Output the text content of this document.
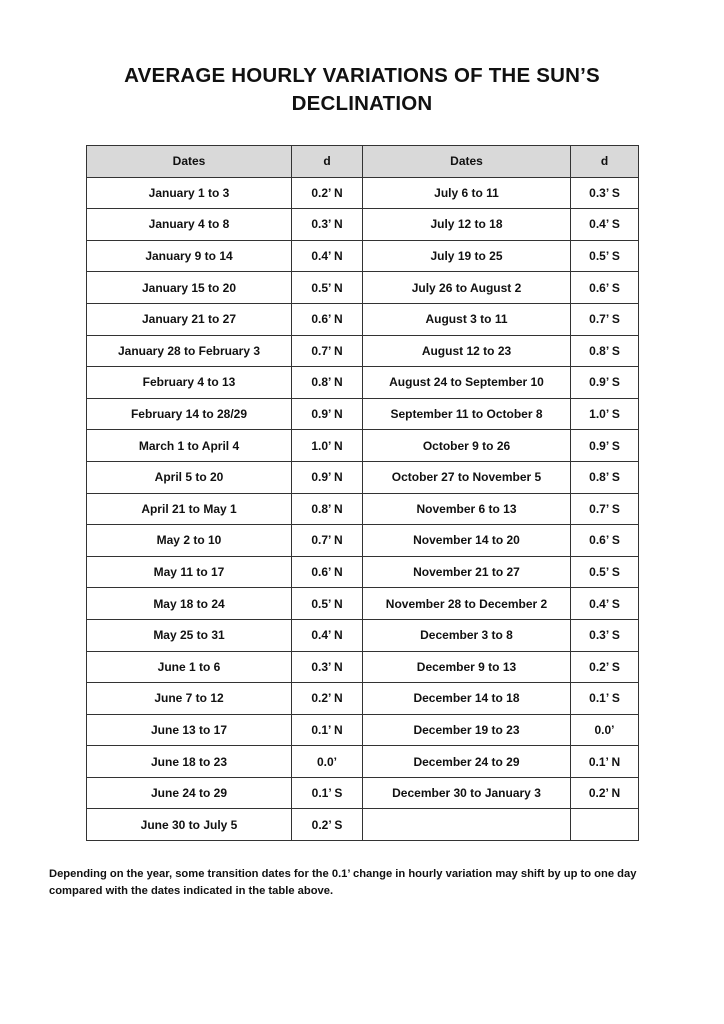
AVERAGE HOURLY VARIATIONS OF THE SUN’S
DECLINATION
Dates	d	Dates	d
January 1 to 3	0.2’ N	July 6 to 11	0.3’ S
January 4 to 8	0.3’ N	July 12 to 18	0.4’ S
January 9 to 14	0.4’ N	July 19 to 25	0.5’ S
January 15 to 20	0.5’ N	July 26 to August 2	0.6’ S
January 21 to 27	0.6’ N	August 3 to 11	0.7’ S
January 28 to February 3	0.7’ N	August 12 to 23	0.8’ S
February 4 to 13	0.8’ N	August 24 to September 10	0.9’ S
February 14 to 28/29	0.9’ N	September 11 to October 8	1.0’ S
March 1 to April 4	1.0’ N	October 9 to 26	0.9’ S
April 5 to 20	0.9’ N	October 27 to November 5	0.8’ S
April 21 to May 1	0.8’ N	November 6 to 13	0.7’ S
May 2 to 10	0.7’ N	November 14 to 20	0.6’ S
May 11 to 17	0.6’ N	November 21 to 27	0.5’ S
May 18 to 24	0.5’ N	November 28 to December 2	0.4’ S
May 25 to 31	0.4’ N	December 3 to 8	0.3’ S
June 1 to 6	0.3’ N	December 9 to 13	0.2’ S
June 7 to 12	0.2’ N	December 14 to 18	0.1’ S
June 13 to 17	0.1’ N	December 19 to 23	0.0’
June 18 to 23	0.0’	December 24 to 29	0.1’ N
June 24 to 29	0.1’ S	December 30 to January 3	0.2’ N
June 30 to July 5	0.2’ S		
Depending on the year, some transition dates for the 0.1’ change in hourly variation may shift by up to one day compared with the dates indicated in the table above.
